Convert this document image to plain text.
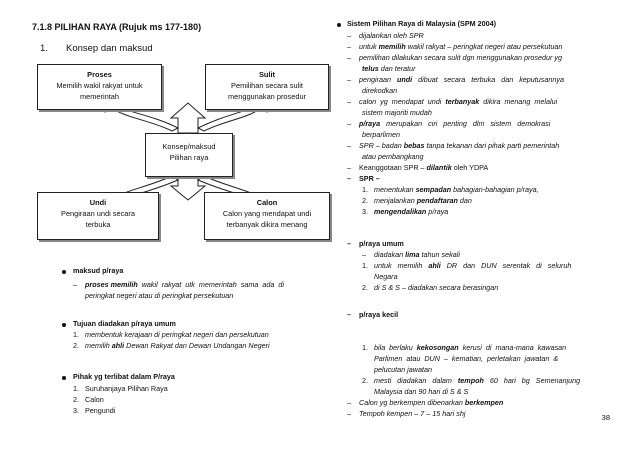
7.1.8 PILIHAN RAYA (Rujuk ms 177-180)
1. Konsep dan maksud
Proses
Memilih wakil rakyat untuk memerintah
Sulit
Pemilihan secara sulit menggunakan prosedur
Konsep/maksud Pilihan raya
Undi
Pengiraan undi secara terbuka
Calon
Calon yang mendapat undi terbanyak dikira menang
maksud p/raya
– proses memilih wakil rakyat utk memerintah sama ada di
peringkat negeri atau di peringkat persekutuan
Tujuan diadakan p/raya umum
1. membentuk kerajaan di peringkat negeri dan persekutuan
2. memilih ahli Dewan Rakyat dan Dewan Undangan Negeri
Pihak yg terlibat dalam P/raya
1. Suruhanjaya Pilihan Raya
2. Calon
3. Pengundi
Sistem Pilihan Raya di Malaysia (SPM 2004)
–    dijalankan oleh SPR
–    untuk memilih wakil rakyat – peringkat negeri atau persekutuan
–    pemilihan dilakukan secara sulit dgn menggunakan prosedur yg
telus dan teratur
–    pengiraan   undi   dibuat   secara   terbuka   dan   keputusannya
direkodkan
–    calon  yg  mendapat  undi  terbanyak  dikira  menang  melalui
sistem majoriti mudah
–    p/raya   merupakan   ciri   penting   dlm   sistem   demokrasi
berparlimen
–    SPR – badan bebas tanpa tekanan dari pihak parti pemerintah
atau pembangkang
–    Keanggotaan SPR – dilantik oleh YDPA
–    SPR –
1. menentukan sempadan bahagian-bahagian p/raya,
2. menjalankan pendaftaran dan
3. mengendalikan p/raya
–    p/raya umum
–    diadakan lima tahun sekali
1. untuk   memilih   ahli   DR   dan   DUN   serentak   di   seluruh
Negara
2. di S & S – diadakan secara berasingan
–    p/raya kecil
1. bila  berlaku  kekosongan  kerusi  di  mana-mana  kawasan
Parlimen  atau  DUN  –  kematian,  perletakan  jawatan  &
pelucutan jawatan
2. mesti   diadakan   dalam   tempoh   60   hari   bg   Semenanjung
Malaysia dan 90 hari di S & S
–    Calon yg berkempen dibenarkan berkempen
–    Tempoh kempen – 7 – 15 hari shj	38
